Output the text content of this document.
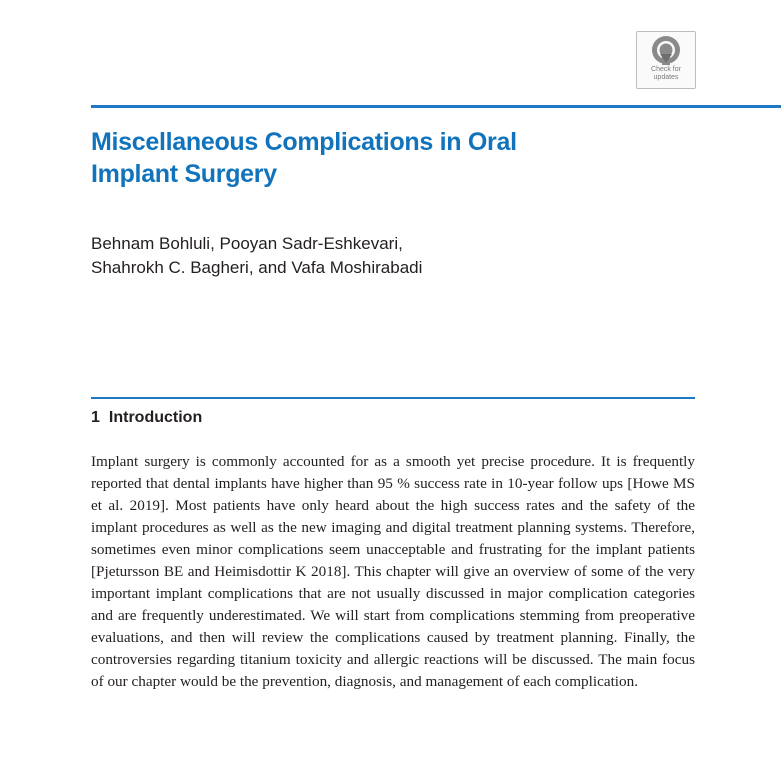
Check for
updates
Miscellaneous Complications in Oral
Implant Surgery
Behnam Bohluli, Pooyan Sadr-Eshkevari,
Shahrokh C. Bagheri, and Vafa Moshirabadi
1 Introduction

Implant surgery is commonly accounted for as a smooth yet precise procedure. It is frequently reported that dental implants have higher than 95 % success rate in 10-year follow ups [Howe MS et al. 2019]. Most patients have only heard about the high success rates and the safety of the implant procedures as well as the new imaging and digital treatment planning systems. Therefore, sometimes even minor complications seem unacceptable and frustrating for the implant patients [Pjetursson BE and Heimisdottir K 2018]. This chapter will give an overview of some of the very important implant complications that are not usually discussed in major complication categories and are frequently underestimated. We will start from complications stemming from preoperative evaluations, and then will review the complications caused by treatment planning. Finally, the controversies regarding titanium toxicity and allergic reactions will be discussed. The main focus of our chapter would be the prevention, diagnosis, and management of each complication.
